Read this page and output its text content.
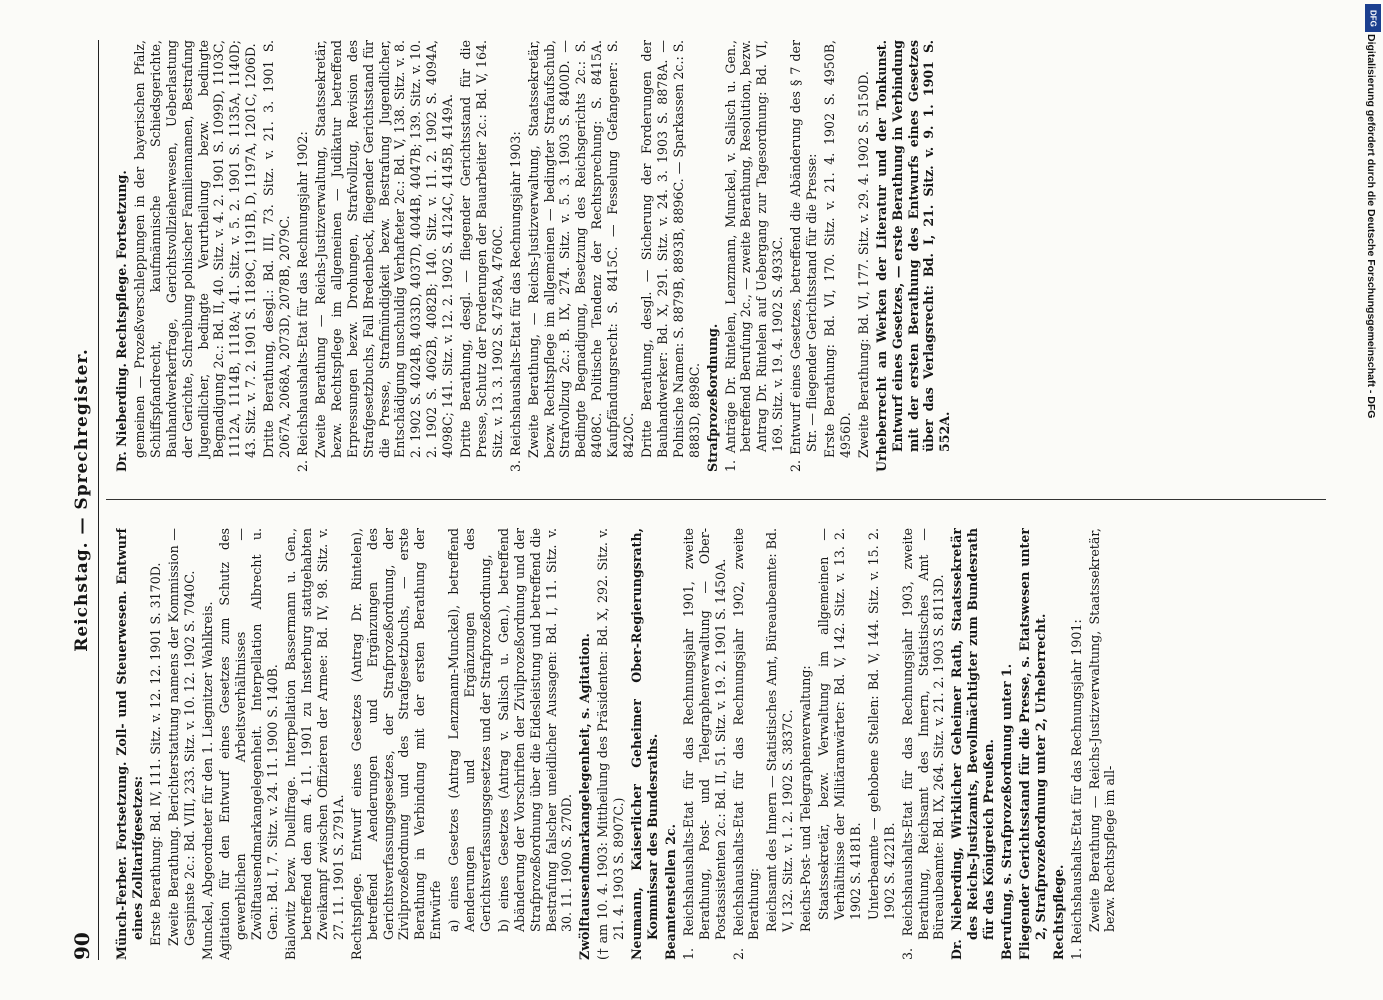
90
Reichstag. — Sprechregister.

Münch-Ferber. Fortsetzung. Zoll- und Steuerwesen. Entwurf eines Zolltarifgesetzes: Erste Berathung: Bd. IV, 111. Sitz. v. 12. 12. 1901 S. 3170D. Zweite Berathung. Berichterstattung namens der Kommission — Gespinste 2c.: Bd. VIII, 233. Sitz. v. 10. 12. 1902 S. 7040C. Munckel, Abgeordneter für den 1. Liegnitzer Wahlkreis. Agitation für den Entwurf eines Gesetzes zum Schutz des gewerblichen Arbeitsverhältnisses — Zwölftausendmarkangelegenheit. Interpellation Albrecht u. Gen.: Bd. I, 7. Sitz. v. 24. 11. 1900 S. 140B. Bialowitz bezw. Duellfrage. Interpellation Bassermann u. Gen., betreffend den am 4. 11. 1901 zu Insterburg stattgehabten Zweikampf zwischen Offizieren der Armee: Bd. IV, 98. Sitz. v. 27. 11. 1901 S. 2791A. Rechtspflege. Entwurf eines Gesetzes (Antrag Dr. Rintelen), betreffend Aenderungen und Ergänzungen des Gerichtsverfassungsgesetzes, der Strafprozeßordnung, der Zivilprozeßordnung und des Strafgesetzbuchs, — erste Berathung in Verbindung mit der ersten Berathung der Entwürfe a) eines Gesetzes (Antrag Lenzmann-Munckel), betreffend Aenderungen und Ergänzungen des Gerichtsverfassungsgesetzes und der Strafprozeßordnung, b) eines Gesetzes (Antrag v. Salisch u. Gen.), betreffend Abänderung der Vorschriften der Zivilprozeßordnung und der Strafprozeßordnung über die Eidesleistung und betreffend die Bestrafung falscher uneidlicher Aussagen: Bd. I, 11. Sitz. v. 30. 11. 1900 S. 270D. Zwölftausendmarkangelegenheit, s. Agitation. († am 10. 4. 1903: Mittheilung des Präsidenten: Bd. X, 292. Sitz. v. 21. 4. 1903 S. 8907C.) Neumann, Kaiserlicher Geheimer Ober-Regierungsrath, Kommissar des Bundesraths. Beamtenstellen 2c. 1. Reichshaushalts-Etat für das Rechnungsjahr 1901, zweite Berathung, Post- und Telegraphenverwaltung — Ober-Postassistenten 2c.: Bd. II, 51. Sitz. v. 19. 2. 1901 S. 1450A. 2. Reichshaushalts-Etat für das Rechnungsjahr 1902, zweite Berathung: Reichsamt des Innern — Statistisches Amt, Büreaubeamte: Bd. V, 132. Sitz. v. 1. 2. 1902 S. 3837C. Reichs-Post- und Telegraphenverwaltung: Staatssekretär, bezw. Verwaltung im allgemeinen — Verhältnisse der Militäranwärter: Bd. V, 142. Sitz. v. 13. 2. 1902 S. 4181B. Unterbeamte — gehobene Stellen: Bd. V, 144. Sitz. v. 15. 2. 1902 S. 4221B. 3. Reichshaushalts-Etat für das Rechnungsjahr 1903, zweite Berathung, Reichsamt des Innern, Statistisches Amt — Büreaubeamte: Bd. IX, 264. Sitz. v. 21. 2. 1903 S. 8113D. Dr. Nieberding, Wirklicher Geheimer Rath, Staatssekretär des Reichs-Justizamts, Bevollmächtigter zum Bundesrath für das Königreich Preußen. Berufung, s. Strafprozeßordnung unter 1. Fliegender Gerichtsstand für die Presse, s. Etatswesen unter 2, Strafprozeßordnung unter 2, Urheberrecht. Rechtspflege. 1. Reichshaushalts-Etat für das Rechnungsjahr 1901: Zweite Berathung — Reichs-Justizverwaltung, Staatssekretär, bezw. Rechtspflege im all-

Dr. Nieberding. Rechtspflege. Fortsetzung. gemeinen — Prozeßverschleppungen in der bayerischen Pfalz, Schiffspfandrecht, kaufmännische Schiedsgerichte, Bauhandwerkerfrage, Gerichtsvollzieherwesen, Ueberlastung der Gerichte, Schreibung polnischer Familiennamen, Bestrafung Jugendlicher, bedingte Verurtheilung bezw. bedingte Begnadigung 2c.: Bd. II, 40. Sitz. v. 4. 2. 1901 S. 1099D, 1103C, 1112A, 1114B, 1118A; 41. Sitz. v. 5. 2. 1901 S. 1135A, 1140D; 43. Sitz. v. 7. 2. 1901 S. 1189C, 1191B, D, 1197A, 1201C, 1206D. Dritte Berathung, desgl.: Bd. III, 73. Sitz. v. 21. 3. 1901 S. 2067A, 2068A, 2073D, 2078B, 2079C. 2. Reichshaushalts-Etat für das Rechnungsjahr 1902: Zweite Berathung — Reichs-Justizverwaltung, Staatssekretär, bezw. Rechtspflege im allgemeinen — Judikatur betreffend Erpressungen bezw. Drohungen, Strafvollzug, Revision des Strafgesetzbuchs, Fall Bredenbeck, fliegender Gerichtsstand für die Presse, Strafmündigkeit bezw. Bestrafung Jugendlicher, Entschädigung unschuldig Verhafteter 2c.: Bd. V, 138. Sitz. v. 8. 2. 1902 S. 4024B, 4033D, 4037D, 4044B, 4047B; 139. Sitz. v. 10. 2. 1902 S. 4062B, 4082B; 140. Sitz. v. 11. 2. 1902 S. 4094A, 4098C; 141. Sitz. v. 12. 2. 1902 S. 4124C, 4145B, 4149A. Dritte Berathung, desgl. — fliegender Gerichtsstand für die Presse, Schutz der Forderungen der Bauarbeiter 2c.: Bd. V, 164. Sitz. v. 13. 3. 1902 S. 4758A, 4760C. 3. Reichshaushalts-Etat für das Rechnungsjahr 1903: Zweite Berathung, — Reichs-Justizverwaltung, Staatssekretär, bezw. Rechtspflege im allgemeinen — bedingter Strafaufschub, Strafvollzug 2c.: B. IX, 274. Sitz. v. 5. 3. 1903 S. 8400D. — Bedingte Begnadigung, Besetzung des Reichsgerichts 2c.: S. 8408C. Politische Tendenz der Rechtsprechung: S. 8415A. Kaufpfändungsrecht: S. 8415C. — Fesselung Gefangener: S. 8420C. Dritte Berathung, desgl. — Sicherung der Forderungen der Bauhandwerker: Bd. X, 291. Sitz. v. 24. 3. 1903 S. 8878A. — Polnische Namen: S. 8879B, 8893B, 8896C. — Sparkassen 2c.: S. 8883D, 8898C. Strafprozeßordnung. 1. Anträge Dr. Rintelen, Lenzmann, Munckel, v. Salisch u. Gen., betreffend Berufung 2c., — zweite Berathung, Resolution, bezw. Antrag Dr. Rintelen auf Uebergang zur Tagesordnung: Bd. VI, 169. Sitz. v. 19. 4. 1902 S. 4933C. 2. Entwurf eines Gesetzes, betreffend die Abänderung des § 7 der Str. — fliegender Gerichtsstand für die Presse: Erste Berathung: Bd. VI, 170. Sitz. v. 21. 4. 1902 S. 4950B, 4956D. Zweite Berathung: Bd. VI, 177. Sitz. v. 29. 4. 1902 S. 5150D. Urheberrecht an Werken der Literatur und der Tonkunst. Entwurf eines Gesetzes, — erste Berathung in Verbindung mit der ersten Berathung des Entwurfs eines Gesetzes über das Verlagsrecht: Bd. I, 21. Sitz. v. 9. 1. 1901 S. 552A.

DFG
Digitalisierung gefördert durch die Deutsche Forschungsgemeinschaft - DFG
